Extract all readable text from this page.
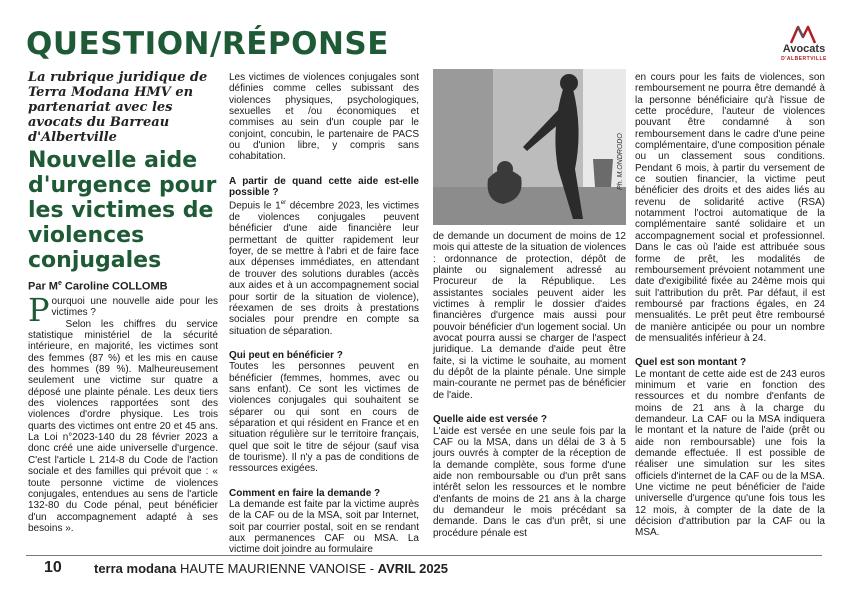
QUESTION/RÉPONSE	Avocats
D'ALBERTVILLE
La rubrique juridique de Terra Modana HMV en partenariat avec les avocats du Barreau d'Albertville
Nouvelle aide d'urgence pour les victimes de violences conjugales
Par Me Caroline COLLOMB

Pourquoi une nouvelle aide pour les victimes ?

Selon les chiffres du service statistique ministériel de la sécurité intérieure, en majorité, les victimes sont des femmes (87 %) et les mis en cause des hommes (89 %). Malheureusement seulement une victime sur quatre a déposé une plainte pénale. Les deux tiers des violences rapportées sont des violences d'ordre physique. Les trois quarts des victimes ont entre 20 et 45 ans. La Loi n°2023-140 du 28 février 2023 a donc créé une aide universelle d'urgence. C'est l'article L 214-8 du Code de l'action sociale et des familles qui prévoit que : « toute personne victime de violences conjugales, entendues au sens de l'article 132-80 du Code pénal, peut bénéficier d'un accompagnement adapté à ses besoins ».

Les victimes de violences conjugales sont définies comme celles subissant des violences physiques, psychologiques, sexuelles et /ou économiques et commises au sein d'un couple par le conjoint, concubin, le partenaire de PACS ou d'union libre, y compris sans cohabitation.

A partir de quand cette aide est-elle possible ?

Depuis le 1er décembre 2023, les victimes de violences conjugales peuvent bénéficier d'une aide financière leur permettant de quitter rapidement leur foyer, de se mettre à l'abri et de faire face aux dépenses immédiates, en attendant de trouver des solutions durables (accès aux aides et à un accompagnement social pour sortir de la situation de violence), réexamen de ses droits à prestations sociales pour prendre en compte sa situation de séparation.

Qui peut en bénéficier ?

Toutes les personnes peuvent en bénéficier (femmes, hommes, avec ou sans enfant). Ce sont les victimes de violences conjugales qui souhaitent se séparer ou qui sont en cours de séparation et qui résident en France et en situation régulière sur le territoire français, quel que soit le titre de séjour (sauf visa de tourisme). Il n'y a pas de conditions de ressources exigées.

Comment en faire la demande ?

La demande est faite par la victime auprès de la CAF ou de la MSA, soit par Internet, soit par courrier postal, soit en se rendant aux permanences CAF ou MSA. La victime doit joindre au formulaire

Ph. M.ONDRODO

de demande un document de moins de 12 mois qui atteste de la situation de violences : ordonnance de protection, dépôt de plainte ou signalement adressé au Procureur de la République. Les assistantes sociales peuvent aider les victimes à remplir le dossier d'aides financières d'urgence mais aussi pour pouvoir bénéficier d'un logement social. Un avocat pourra aussi se charger de l'aspect juridique. La demande d'aide peut être faite, si la victime le souhaite, au moment du dépôt de la plainte pénale. Une simple main-courante ne permet pas de bénéficier de l'aide.

Quelle aide est versée ?

L'aide est versée en une seule fois par la CAF ou la MSA, dans un délai de 3 à 5 jours ouvrés à compter de la réception de la demande complète, sous forme d'une aide non remboursable ou d'un prêt sans intérêt selon les ressources et le nombre d'enfants de moins de 21 ans à la charge du demandeur le mois précédant sa demande. Dans le cas d'un prêt, si une procédure pénale est

en cours pour les faits de violences, son remboursement ne pourra être demandé à la personne bénéficiaire qu'à l'issue de cette procédure, l'auteur de violences pouvant être condamné à son remboursement dans le cadre d'une peine complémentaire, d'une composition pénale ou un classement sous conditions. Pendant 6 mois, à partir du versement de ce soutien financier, la victime peut bénéficier des droits et des aides liés au revenu de solidarité active (RSA) notamment l'octroi automatique de la complémentaire santé solidaire et un accompagnement social et professionnel. Dans le cas où l'aide est attribuée sous forme de prêt, les modalités de remboursement prévoient notamment une date d'exigibilité fixée au 24ème mois qui suit l'attribution du prêt. Par défaut, il est remboursé par fractions égales, en 24 mensualités. Le prêt peut être remboursé de manière anticipée ou pour un nombre de mensualités inférieur à 24.

Quel est son montant ?

Le montant de cette aide est de 243 euros minimum et varie en fonction des ressources et du nombre d'enfants de moins de 21 ans à la charge du demandeur. La CAF ou la MSA indiquera le montant et la nature de l'aide (prêt ou aide non remboursable) une fois la demande effectuée. Il est possible de réaliser une simulation sur les sites officiels d'internet de la CAF ou de la MSA. Une victime ne peut bénéficier de l'aide universelle d'urgence qu'une fois tous les 12 mois, à compter de la date de la décision d'attribution par la CAF ou la MSA.

10 terra modana HAUTE MAURIENNE VANOISE - AVRIL 2025
